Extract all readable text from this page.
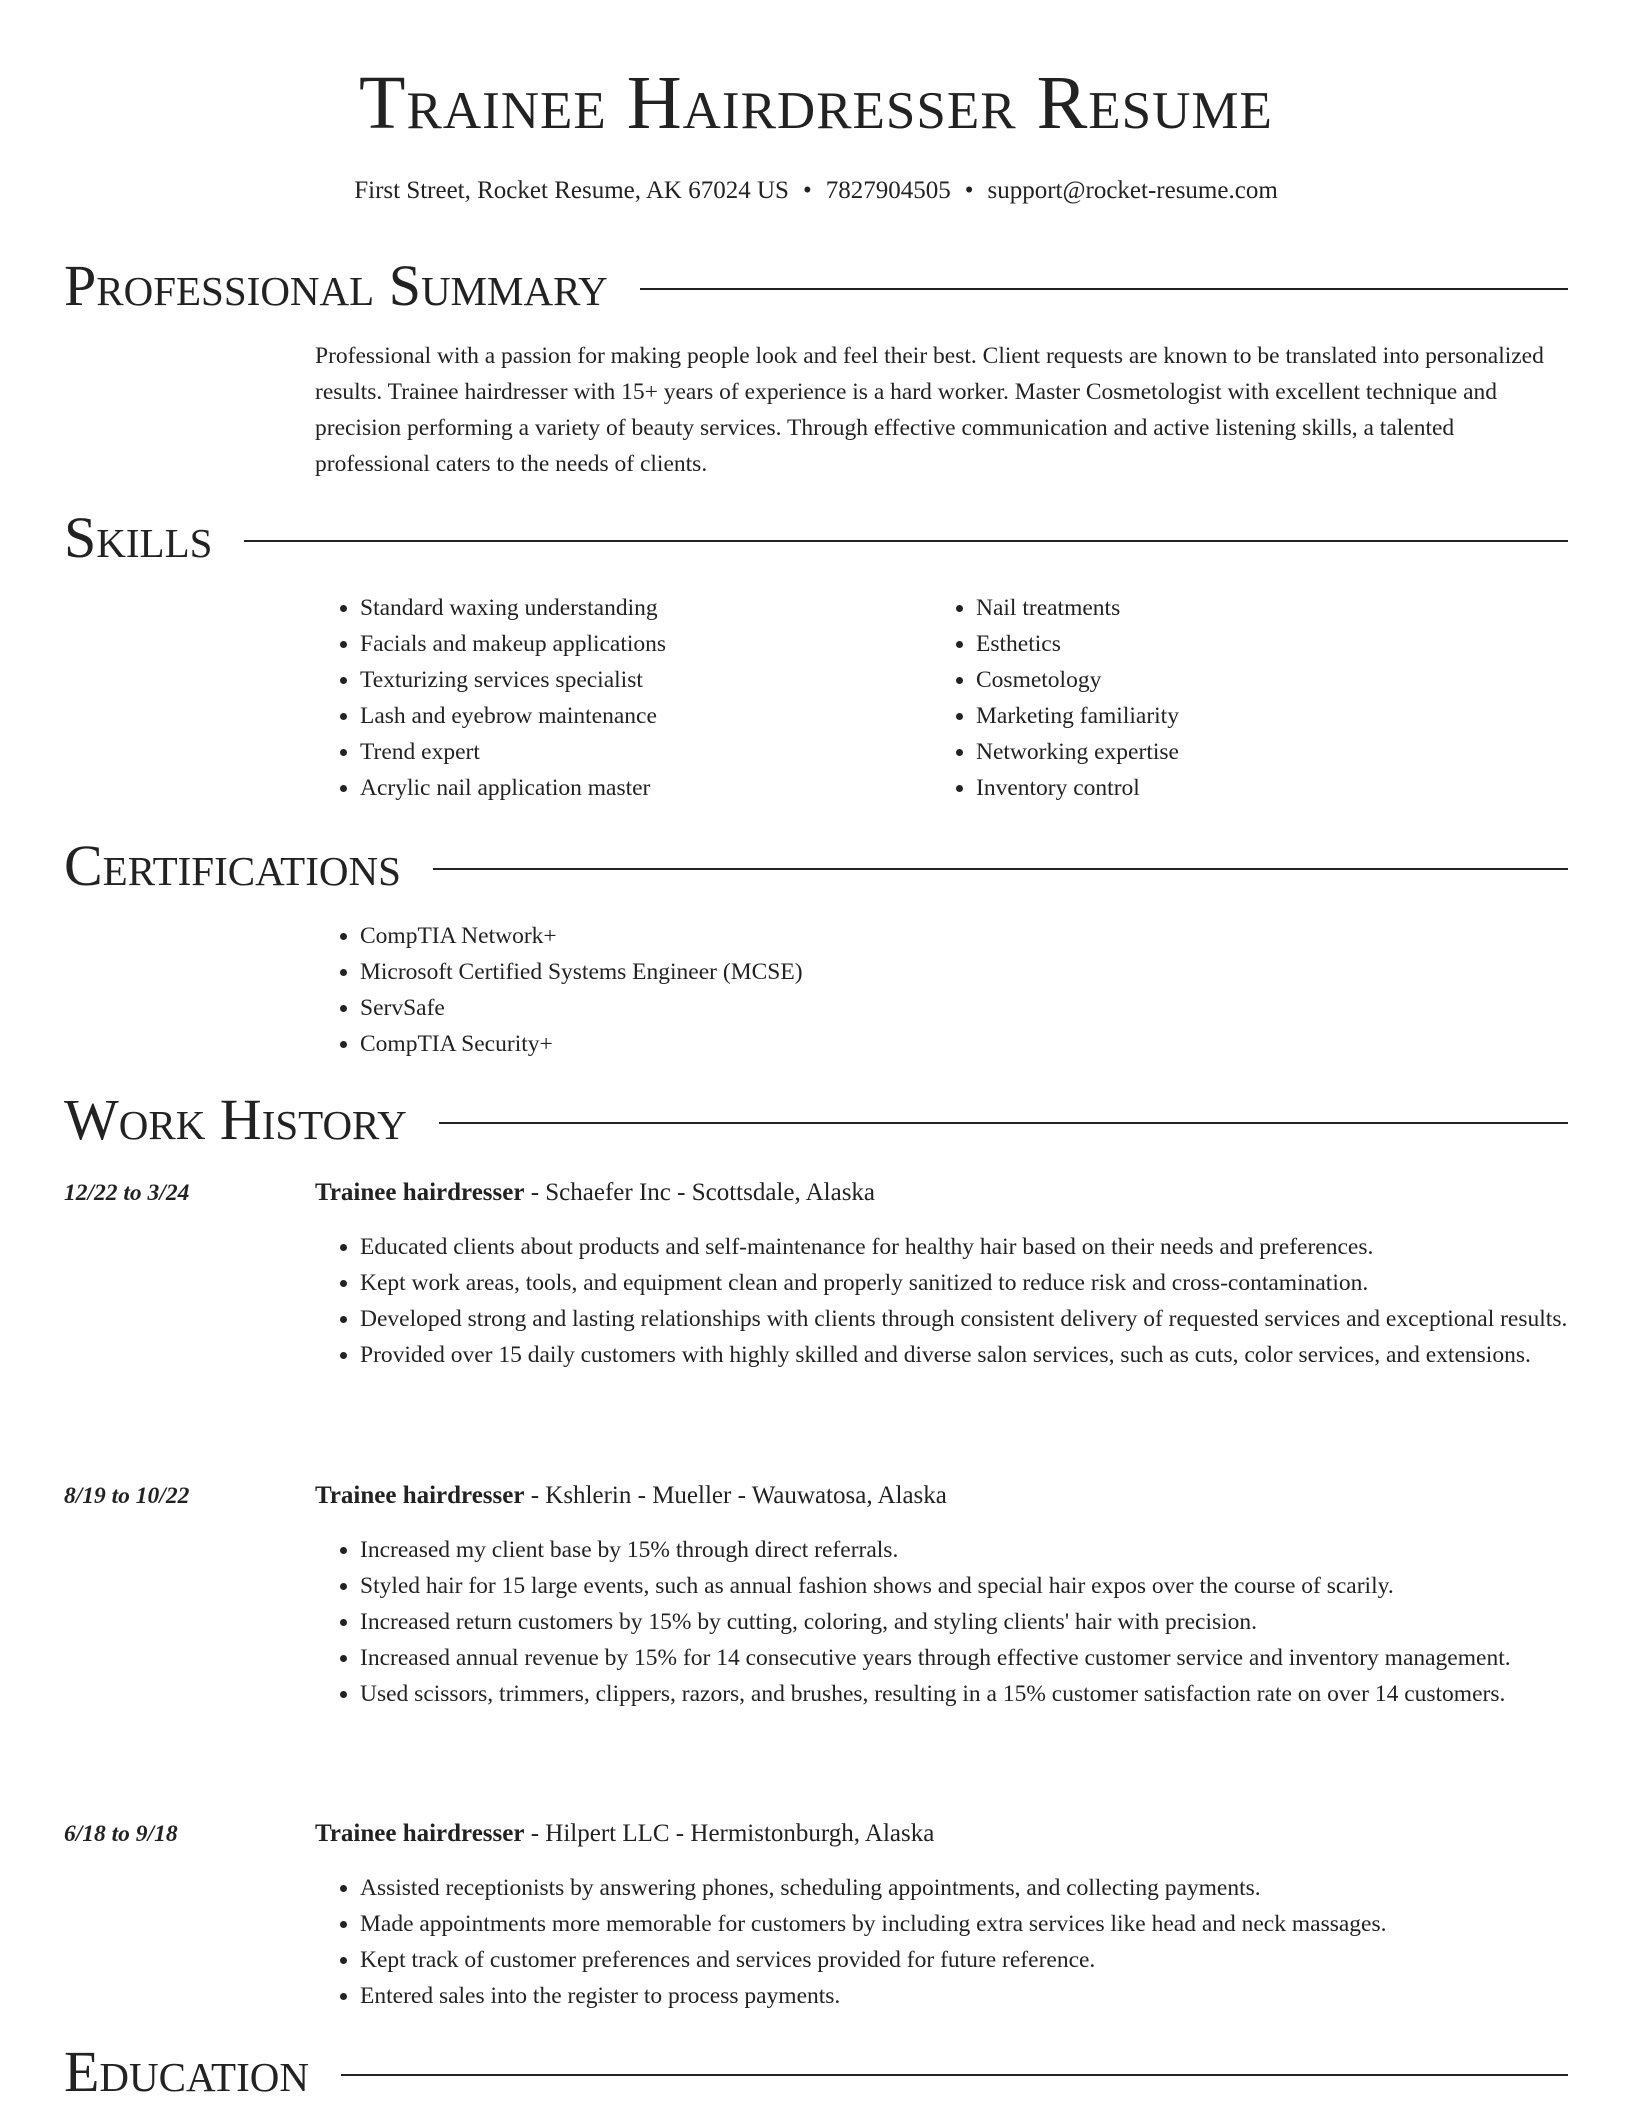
Trainee Hairdresser Resume
First Street, Rocket Resume, AK 67024 US • 7827904505 • support@rocket-resume.com
Professional Summary

Professional with a passion for making people look and feel their best. Client requests are known to be translated into personalized results. Trainee hairdresser with 15+ years of experience is a hard worker. Master Cosmetologist with excellent technique and precision performing a variety of beauty services. Through effective communication and active listening skills, a talented professional caters to the needs of clients.

Skills
• Standard waxing understanding
• Facials and makeup applications
• Texturizing services specialist
• Lash and eyebrow maintenance
• Trend expert
• Acrylic nail application master
• Nail treatments
• Esthetics
• Cosmetology
• Marketing familiarity
• Networking expertise
• Inventory control
Certifications
• CompTIA Network+
• Microsoft Certified Systems Engineer (MCSE)
• ServSafe
• CompTIA Security+
Work History
12/22 to 3/24	Trainee hairdresser - Schaefer Inc - Scottsdale, Alaska
• Educated clients about products and self-maintenance for healthy hair based on their needs and preferences.
• Kept work areas, tools, and equipment clean and properly sanitized to reduce risk and cross-contamination.
• Developed strong and lasting relationships with clients through consistent delivery of requested services and exceptional results.
• Provided over 15 daily customers with highly skilled and diverse salon services, such as cuts, color services, and extensions.
8/19 to 10/22	Trainee hairdresser - Kshlerin - Mueller - Wauwatosa, Alaska
• Increased my client base by 15% through direct referrals.
• Styled hair for 15 large events, such as annual fashion shows and special hair expos over the course of scarily.
• Increased return customers by 15% by cutting, coloring, and styling clients' hair with precision.
• Increased annual revenue by 15% for 14 consecutive years through effective customer service and inventory management.
• Used scissors, trimmers, clippers, razors, and brushes, resulting in a 15% customer satisfaction rate on over 14 customers.
6/18 to 9/18	Trainee hairdresser - Hilpert LLC - Hermistonburgh, Alaska
• Assisted receptionists by answering phones, scheduling appointments, and collecting payments.
• Made appointments more memorable for customers by including extra services like head and neck massages.
• Kept track of customer preferences and services provided for future reference.
• Entered sales into the register to process payments.
Education
